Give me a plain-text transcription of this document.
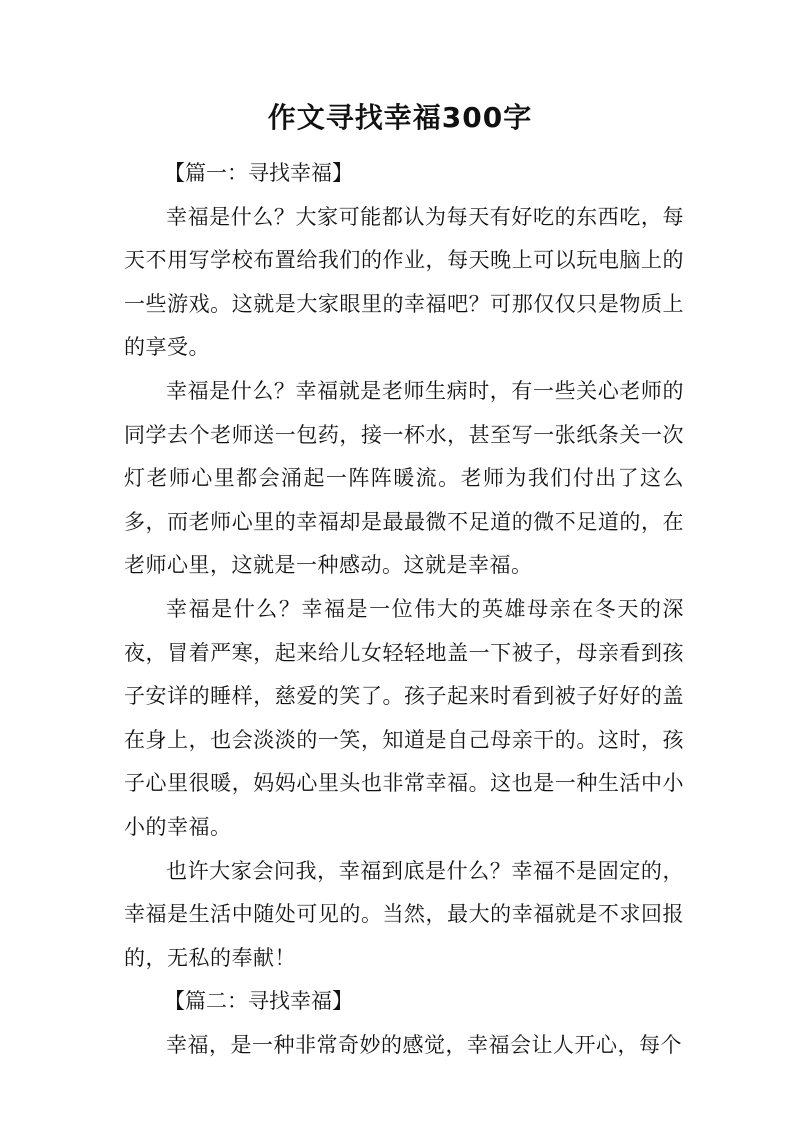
作文寻找幸福300字

【篇一：寻找幸福】

幸福是什么？大家可能都认为每天有好吃的东西吃，每天不用写学校布置给我们的作业，每天晚上可以玩电脑上的一些游戏。这就是大家眼里的幸福吧？可那仅仅只是物质上的享受。

幸福是什么？幸福就是老师生病时，有一些关心老师的同学去个老师送一包药，接一杯水，甚至写一张纸条关一次灯老师心里都会涌起一阵阵暖流。老师为我们付出了这么多，而老师心里的幸福却是最最微不足道的微不足道的，在老师心里，这就是一种感动。这就是幸福。

幸福是什么？幸福是一位伟大的英雄母亲在冬天的深夜，冒着严寒，起来给儿女轻轻地盖一下被子，母亲看到孩子安详的睡样，慈爱的笑了。孩子起来时看到被子好好的盖在身上，也会淡淡的一笑，知道是自己母亲干的。这时，孩子心里很暖，妈妈心里头也非常幸福。这也是一种生活中小小的幸福。

也许大家会问我，幸福到底是什么？幸福不是固定的，幸福是生活中随处可见的。当然，最大的幸福就是不求回报的，无私的奉献！

【篇二：寻找幸福】

幸福，是一种非常奇妙的感觉，幸福会让人开心，每个
